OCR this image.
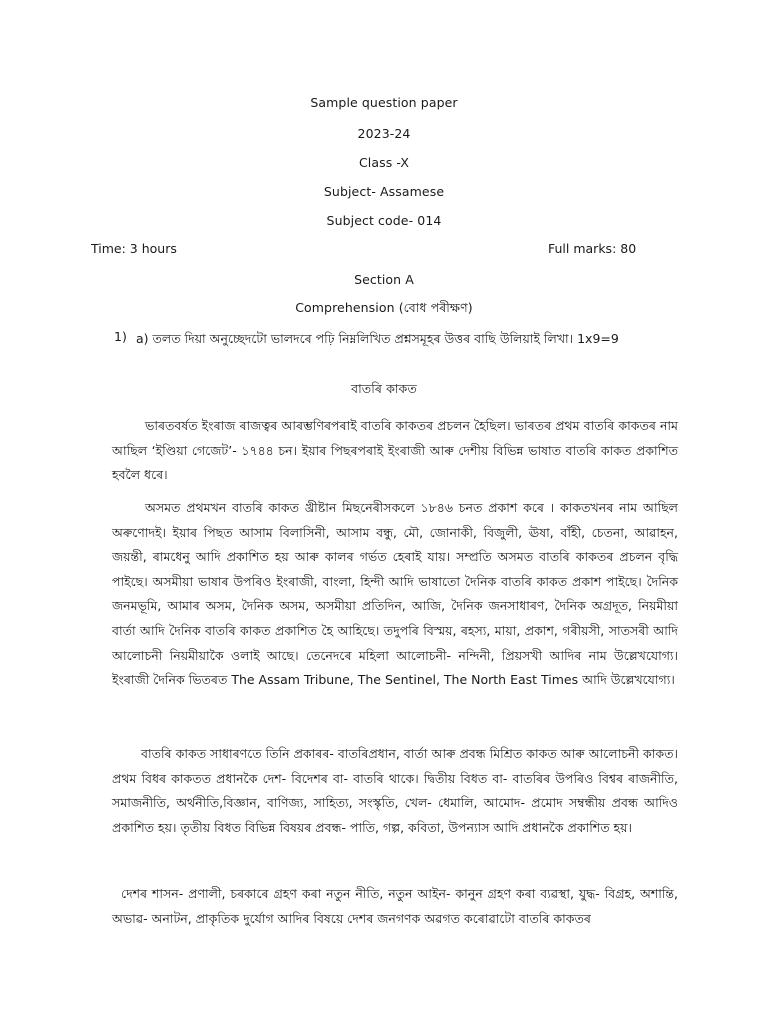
Sample question paper
2023-24
Class -X
Subject- Assamese
Subject code- 014
Time: 3 hours	Full marks: 80
Section A
Comprehension (বোধ পৰীক্ষণ)
1) a) তলত দিয়া অনুচ্ছেদটো ভালদৰে পঢ়ি নিম্নলিখিত প্ৰশ্নসমূহৰ উত্তৰ বাছি উলিয়াই লিখা। 1x9=9
বাতৰি কাকত
ভাৰতবৰ্ষত ইংৰাজ ৰাজত্বৰ আৰম্ভণিৰপৰাই বাতৰি কাকতৰ প্ৰচলন হৈছিল। ভাৰতৰ প্ৰথম বাতৰি কাকতৰ নাম আছিল ‘ইণ্ডিয়া গেজেট’- ১৭৪৪ চন। ইয়াৰ পিছৰপৰাই ইংৰাজী আৰু দেশীয় বিভিন্ন ভাষাত বাতৰি কাকত প্ৰকাশিত হবলৈ ধৰে।
অসমত প্ৰথমখন বাতৰি কাকত খ্ৰীষ্টান মিছনেৰীসকলে ১৮৪৬ চনত প্ৰকাশ কৰে । কাকতখনৰ নাম আছিল অৰুণোদই। ইয়াৰ পিছত আসাম বিলাসিনী, আসাম বন্ধু, মৌ, জোনাকী, বিজুলী, ঊষা, বাঁহী, চেতনা, আৱাহন, জয়ন্তী, ৰামধেনু আদি প্ৰকাশিত হয় আৰু কালৰ গৰ্ভত হেৰাই যায়। সম্প্ৰতি অসমত বাতৰি কাকতৰ প্ৰচলন বৃদ্ধি পাইছে। অসমীয়া ভাষাৰ উপৰিও ইংৰাজী, বাংলা, হিন্দী আদি ভাষাতো দৈনিক বাতৰি কাকত প্ৰকাশ পাইছে। দৈনিক জনমভূমি, আমাৰ অসম, দৈনিক অসম, অসমীয়া প্ৰতিদিন, আজি, দৈনিক জনসাধাৰণ, দৈনিক অগ্ৰদূত, নিয়মীয়া বাৰ্তা আদি দৈনিক বাতৰি কাকত প্ৰকাশিত হৈ আহিছে। তদুপৰি বিস্ময়, ৰহস্য, মায়া, প্ৰকাশ, গৰীয়সী, সাতসৰী আদি আলোচনী নিয়মীয়াকৈ ওলাই আছে। তেনেদৰে মহিলা আলোচনী- নন্দিনী, প্ৰিয়সখী আদিৰ নাম উল্লেখযোগ্য। ইংৰাজী দৈনিক ভিতৰত The Assam Tribune, The Sentinel, The North East Times আদি উল্লেখযোগ্য।
বাতৰি কাকত সাধাৰণতে তিনি প্ৰকাৰৰ- বাতৰিপ্ৰধান, বাৰ্তা আৰু প্ৰবন্ধ মিশ্ৰিত কাকত আৰু আলোচনী কাকত। প্ৰথম বিধৰ কাকতত প্ৰধানকৈ দেশ- বিদেশৰ বা- বাতৰি থাকে। দ্বিতীয় বিধত বা- বাতৰিৰ উপৰিও বিশ্বৰ ৰাজনীতি, সমাজনীতি, অৰ্থনীতি,বিজ্ঞান, বাণিজ্য, সাহিত্য, সংস্কৃতি, খেল- ধেমালি, আমোদ- প্ৰমোদ সম্বন্ধীয় প্ৰবন্ধ আদিও প্ৰকাশিত হয়। তৃতীয় বিধত বিভিন্ন বিষয়ৰ প্ৰবন্ধ- পাতি, গল্প, কবিতা, উপন্যাস আদি প্ৰধানকৈ প্ৰকাশিত হয়।
দেশৰ শাসন- প্ৰণালী, চৰকাৰে গ্ৰহণ কৰা নতুন নীতি, নতুন আইন- কানুন গ্ৰহণ কৰা ব্যৱস্থা, যুদ্ধ- বিগ্ৰহ, অশান্তি, অভাৱ- অনাটন, প্ৰাকৃতিক দুৰ্যোগ আদিৰ বিষয়ে দেশৰ জনগণক অৱগত কৰোৱাটো বাতৰি কাকতৰ
